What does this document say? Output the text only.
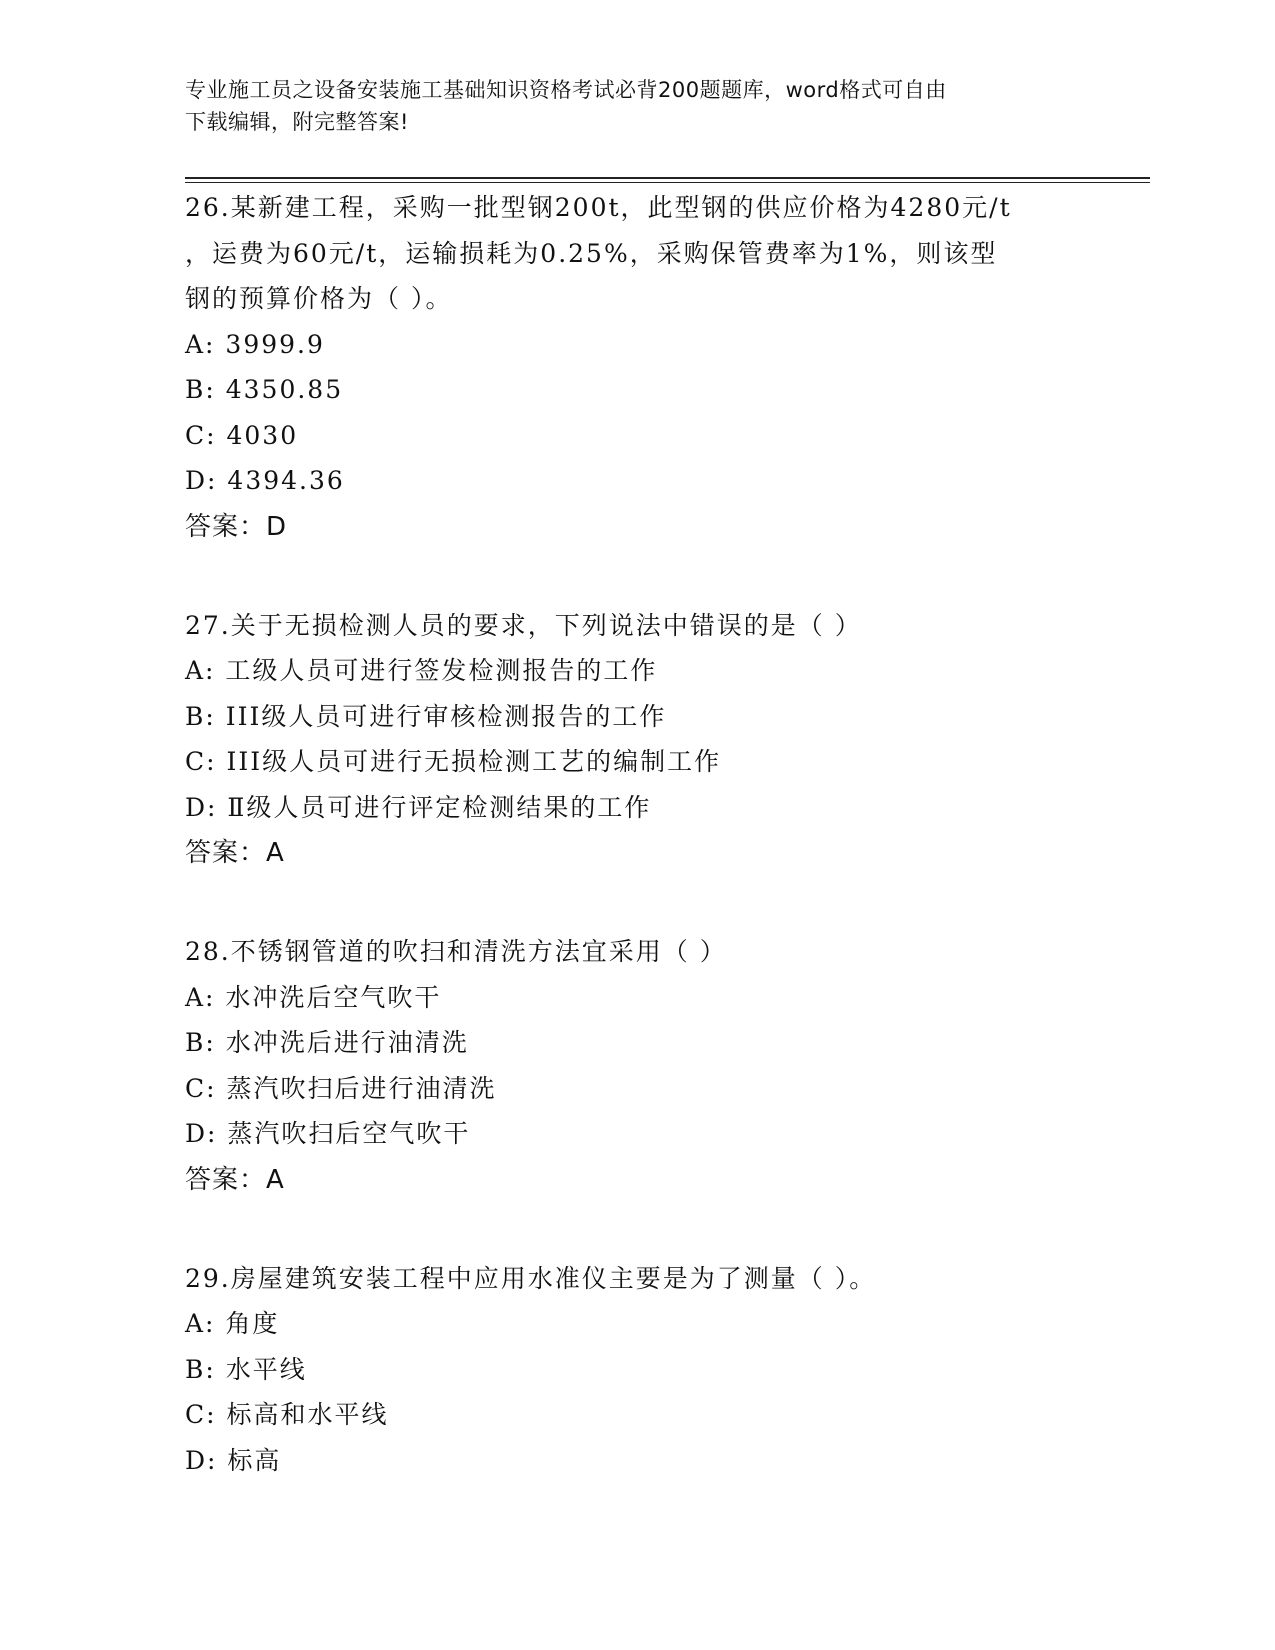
专业施工员之设备安装施工基础知识资格考试必背200题题库，word格式可自由
下载编辑，附完整答案!
26.某新建工程，采购一批型钢200t，此型钢的供应价格为4280元/t
，运费为60元/t，运输损耗为0.25%，采购保管费率为1%，则该型
钢的预算价格为（ ）。
A: 3999.9
B: 4350.85
C: 4030
D: 4394.36
答案：D
27.关于无损检测人员的要求，下列说法中错误的是（ ）
A: 工级人员可进行签发检测报告的工作
B: III级人员可进行审核检测报告的工作
C: III级人员可进行无损检测工艺的编制工作
D: Ⅱ级人员可进行评定检测结果的工作
答案：A
28.不锈钢管道的吹扫和清洗方法宜采用（ ）
A: 水冲洗后空气吹干
B: 水冲洗后进行油清洗
C: 蒸汽吹扫后进行油清洗
D: 蒸汽吹扫后空气吹干
答案：A
29.房屋建筑安装工程中应用水准仪主要是为了测量（ ）。
A: 角度
B: 水平线
C: 标高和水平线
D: 标高
